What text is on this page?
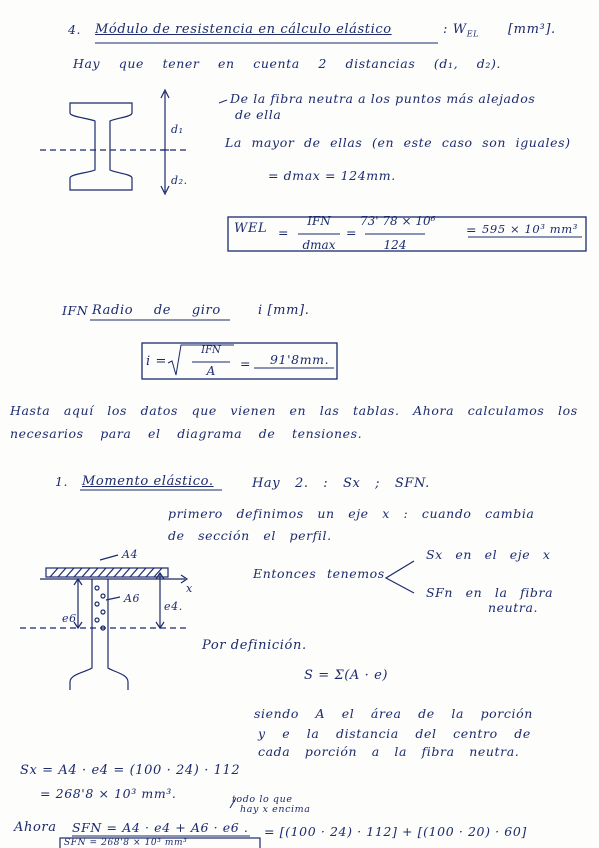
4. Módulo de resistencia en cálculo elástico	: $W_{EL}$ [mm³].
Hay que tener en cuenta 2 distancias (d₁, d₂).
De la fibra neutra a los puntos más alejados
de ella
d₁
d₂.
La mayor de ellas (en este caso son iguales)
= dmax = 124mm.
WEL =
IFN
dmax
=
73' 78 × 10⁶
124
= 595 × 10³ mm³
IFN Radio de giro	i [mm].
i =
IFN
A	= 91'8mm.
Hasta aquí los datos que vienen en las tablas. Ahora calculamos los
necesarios para el diagrama de tensiones.
1. Momento elástico.	Hay 2. : Sx ; SFN.
primero definimos un eje x : cuando cambia
de sección el perfil.
A4
A6
x
e4.
e6
Entonces tenemos
Sx en el eje x
SFn en la fibra
neutra.
Por definición.
S = Σ(A · e)
siendo A el área de la porción
y e la distancia del centro de
cada porción a la fibra neutra.
Sx = A4 · e4 = (100 · 24) · 112
= 268'8 × 10³ mm³.	todo lo que
hay x encima
Ahora SFN = A4 · e4 + A6 · e6 . = [(100 · 24) · 112] + [(100 · 20) · 60]
SFN = 268'8 × 10³ mm³
